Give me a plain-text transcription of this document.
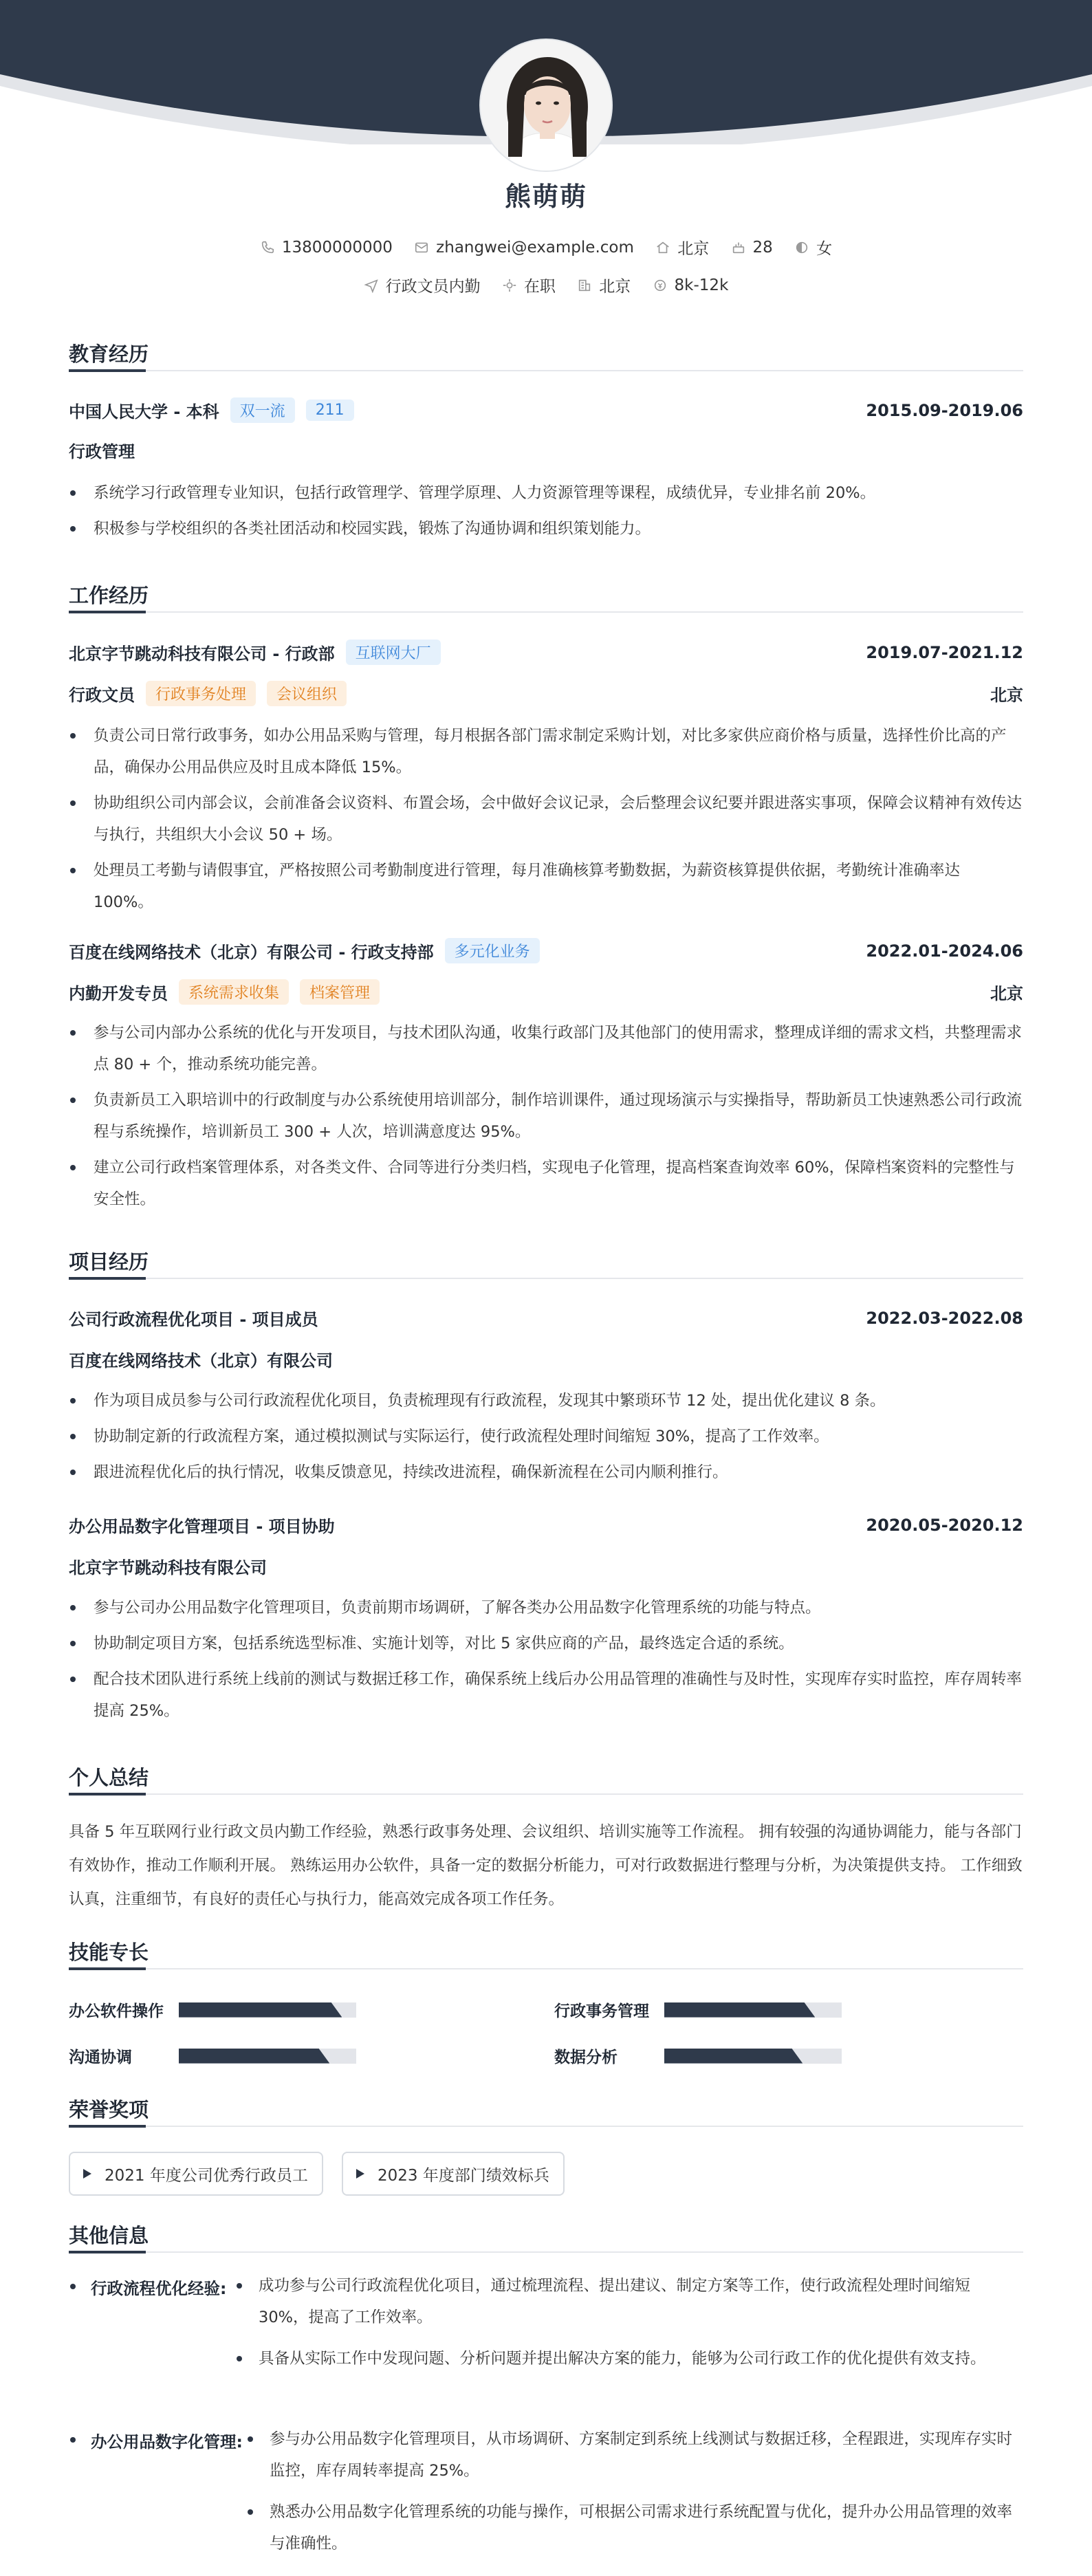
熊萌萌
13800000000
	zhangwei@example.com
	北京
	28
	女
行政文员内勤
	在职
	北京
	8k-12k
教育经历
中国人民大学 - 本科	双一流	211	2015.09-2019.06
行政管理
系统学习行政管理专业知识，包括行政管理学、管理学原理、人力资源管理等课程，成绩优异，专业排名前 20%。
积极参与学校组织的各类社团活动和校园实践，锻炼了沟通协调和组织策划能力。
工作经历
北京字节跳动科技有限公司 - 行政部	互联网大厂	2019.07-2021.12
行政文员	行政事务处理	会议组织	北京
负责公司日常行政事务，如办公用品采购与管理，每月根据各部门需求制定采购计划，对比多家供应商价格与质量，选择性价比高的产品，确保办公用品供应及时且成本降低 15%。
协助组织公司内部会议，会前准备会议资料、布置会场，会中做好会议记录，会后整理会议纪要并跟进落实事项，保障会议精神有效传达与执行，共组织大小会议 50 + 场。
处理员工考勤与请假事宜，严格按照公司考勤制度进行管理，每月准确核算考勤数据，为薪资核算提供依据，考勤统计准确率达 100%。
百度在线网络技术（北京）有限公司 - 行政支持部	多元化业务	2022.01-2024.06
内勤开发专员	系统需求收集	档案管理	北京
参与公司内部办公系统的优化与开发项目，与技术团队沟通，收集行政部门及其他部门的使用需求，整理成详细的需求文档，共整理需求点 80 + 个，推动系统功能完善。
负责新员工入职培训中的行政制度与办公系统使用培训部分，制作培训课件，通过现场演示与实操指导，帮助新员工快速熟悉公司行政流程与系统操作，培训新员工 300 + 人次，培训满意度达 95%。
建立公司行政档案管理体系，对各类文件、合同等进行分类归档，实现电子化管理，提高档案查询效率 60%，保障档案资料的完整性与安全性。
项目经历
公司行政流程优化项目 - 项目成员	2022.03-2022.08
百度在线网络技术（北京）有限公司
作为项目成员参与公司行政流程优化项目，负责梳理现有行政流程，发现其中繁琐环节 12 处，提出优化建议 8 条。
协助制定新的行政流程方案，通过模拟测试与实际运行，使行政流程处理时间缩短 30%，提高了工作效率。
跟进流程优化后的执行情况，收集反馈意见，持续改进流程，确保新流程在公司内顺利推行。
办公用品数字化管理项目 - 项目协助	2020.05-2020.12
北京字节跳动科技有限公司
参与公司办公用品数字化管理项目，负责前期市场调研，了解各类办公用品数字化管理系统的功能与特点。
协助制定项目方案，包括系统选型标准、实施计划等，对比 5 家供应商的产品，最终选定合适的系统。
配合技术团队进行系统上线前的测试与数据迁移工作，确保系统上线后办公用品管理的准确性与及时性，实现库存实时监控，库存周转率提高 25%。
个人总结
具备 5 年互联网行业行政文员内勤工作经验，熟悉行政事务处理、会议组织、培训实施等工作流程。 拥有较强的沟通协调能力，能与各部门有效协作，推动工作顺利开展。 熟练运用办公软件，具备一定的数据分析能力，可对行政数据进行整理与分析，为决策提供支持。 工作细致认真，注重细节，有良好的责任心与执行力，能高效完成各项工作任务。
技能专长
办公软件操作	行政事务管理
沟通协调	数据分析
荣誉奖项
2021 年度公司优秀行政员工	2023 年度部门绩效标兵
其他信息
行政流程优化经验:	成功参与公司行政流程优化项目，通过梳理流程、提出建议、制定方案等工作，使行政流程处理时间缩短 30%，提高了工作效率。
具备从实际工作中发现问题、分析问题并提出解决方案的能力，能够为公司行政工作的优化提供有效支持。
办公用品数字化管理:	参与办公用品数字化管理项目，从市场调研、方案制定到系统上线测试与数据迁移，全程跟进，实现库存实时监控，库存周转率提高 25%。
熟悉办公用品数字化管理系统的功能与操作，可根据公司需求进行系统配置与优化，提升办公用品管理的效率与准确性。
